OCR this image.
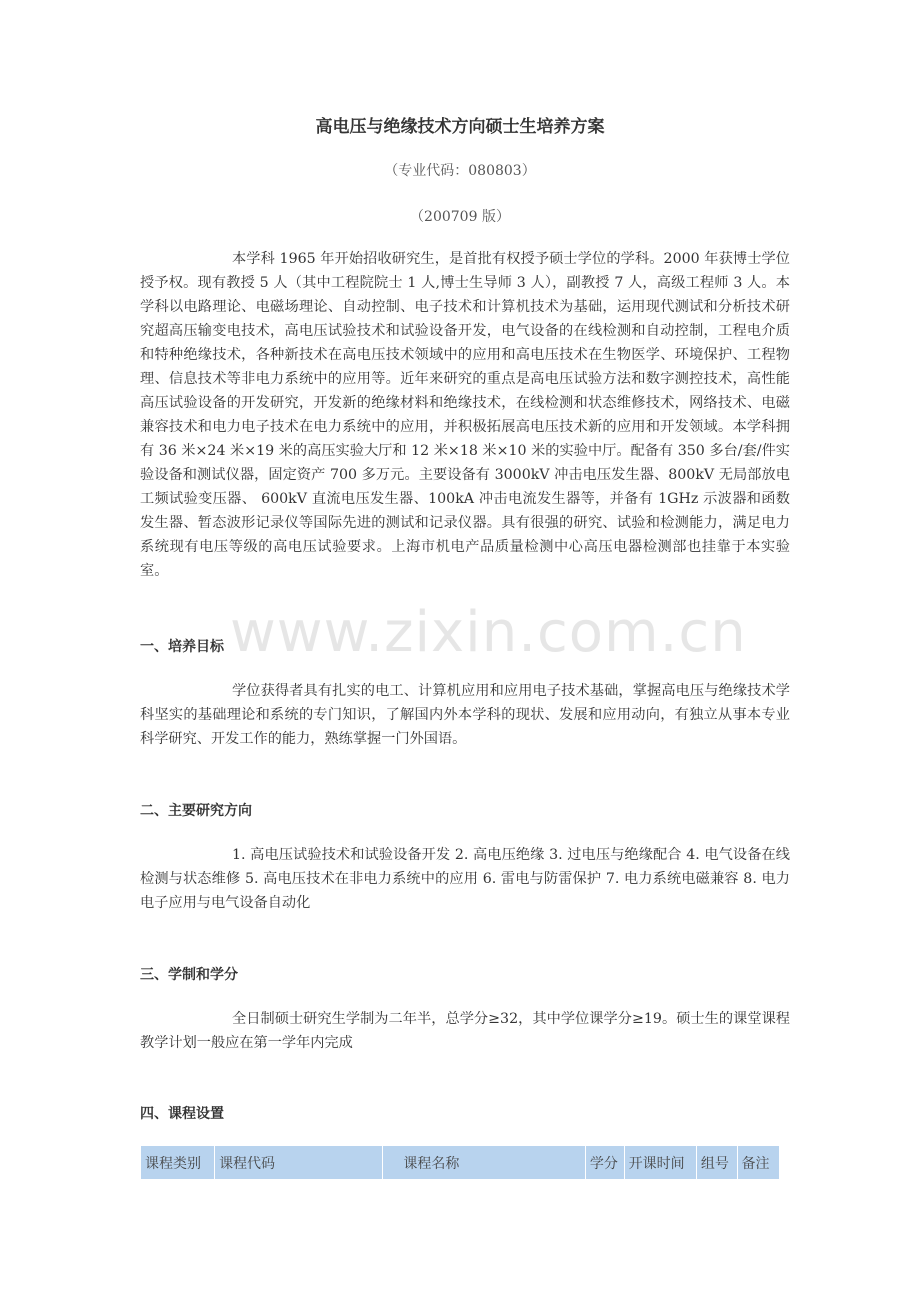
高电压与绝缘技术方向硕士生培养方案
（专业代码：080803）
（200709 版）

本学科 1965 年开始招收研究生，是首批有权授予硕士学位的学科。2000 年获博士学位授予权。现有教授 5 人（其中工程院院士 1 人,博士生导师 3 人），副教授 7 人，高级工程师 3 人。本学科以电路理论、电磁场理论、自动控制、电子技术和计算机技术为基础，运用现代测试和分析技术研究超高压输变电技术，高电压试验技术和试验设备开发，电气设备的在线检测和自动控制，工程电介质和特种绝缘技术，各种新技术在高电压技术领域中的应用和高电压技术在生物医学、环境保护、工程物理、信息技术等非电力系统中的应用等。近年来研究的重点是高电压试验方法和数字测控技术，高性能高压试验设备的开发研究，开发新的绝缘材料和绝缘技术，在线检测和状态维修技术，网络技术、电磁兼容技术和电力电子技术在电力系统中的应用，并积极拓展高电压技术新的应用和开发领域。本学科拥有 36 米×24 米×19 米的高压实验大厅和 12 米×18 米×10 米的实验中厅。配备有 350 多台/套/件实验设备和测试仪器，固定资产 700 多万元。主要设备有 3000kV 冲击电压发生器、800kV 无局部放电工频试验变压器、 600kV 直流电压发生器、100kA 冲击电流发生器等，并备有 1GHz 示波器和函数发生器、暂态波形记录仪等国际先进的测试和记录仪器。具有很强的研究、试验和检测能力，满足电力系统现有电压等级的高电压试验要求。上海市机电产品质量检测中心高压电器检测部也挂靠于本实验室。

www.zixin.com.cn
一、培养目标

学位获得者具有扎实的电工、计算机应用和应用电子技术基础，掌握高电压与绝缘技术学科坚实的基础理论和系统的专门知识，了解国内外本学科的现状、发展和应用动向，有独立从事本专业科学研究、开发工作的能力，熟练掌握一门外国语。

二、主要研究方向

1. 高电压试验技术和试验设备开发 2. 高电压绝缘 3. 过电压与绝缘配合 4. 电气设备在线检测与状态维修 5. 高电压技术在非电力系统中的应用 6. 雷电与防雷保护 7. 电力系统电磁兼容 8. 电力电子应用与电气设备自动化

三、学制和学分

全日制硕士研究生学制为二年半，总学分≥32，其中学位课学分≥19。硕士生的课堂课程教学计划一般应在第一学年内完成

四、课程设置
课程类别	课程代码	课程名称	学分	开课时间	组号	备注
